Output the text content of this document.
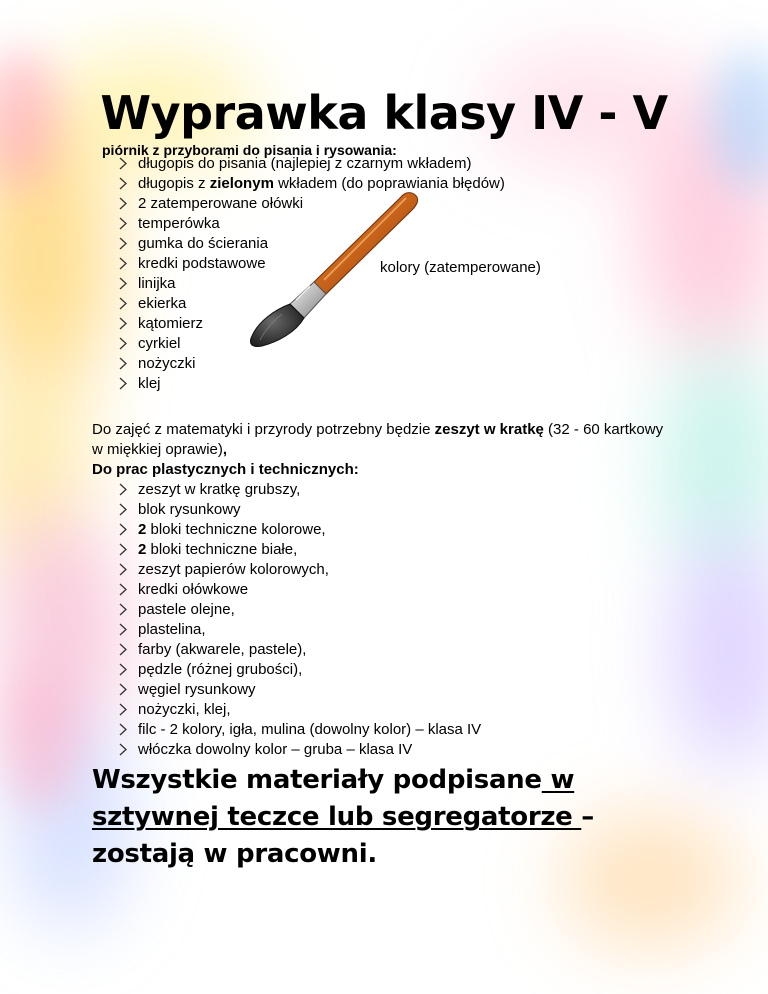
Wyprawka klasy IV - V
piórnik z przyborami do pisania i rysowania:
długopis do pisania (najlepiej z czarnym wkładem)
długopis z zielonym wkładem (do poprawiania błędów)
2 zatemperowane ołówki
temperówka
gumka do ścierania
kredki podstawowe
linijka
ekierka
kątomierz
cyrkiel
nożyczki
klej
kolory (zatemperowane)
Do zajęć z matematyki i przyrody potrzebny będzie zeszyt w kratkę (32 - 60 kartkowy w miękkiej oprawie),
Do prac plastycznych i technicznych:
zeszyt w kratkę grubszy,
blok rysunkowy
2 bloki techniczne kolorowe,
2 bloki techniczne białe,
zeszyt papierów kolorowych,
kredki ołówkowe
pastele olejne,
plastelina,
farby (akwarele, pastele),
pędzle (różnej grubości),
węgiel rysunkowy
nożyczki, klej,
filc - 2 kolory, igła, mulina (dowolny kolor) – klasa IV
włóczka dowolny kolor – gruba – klasa IV
Wszystkie materiały podpisane w sztywnej teczce lub segregatorze – zostają w pracowni.
